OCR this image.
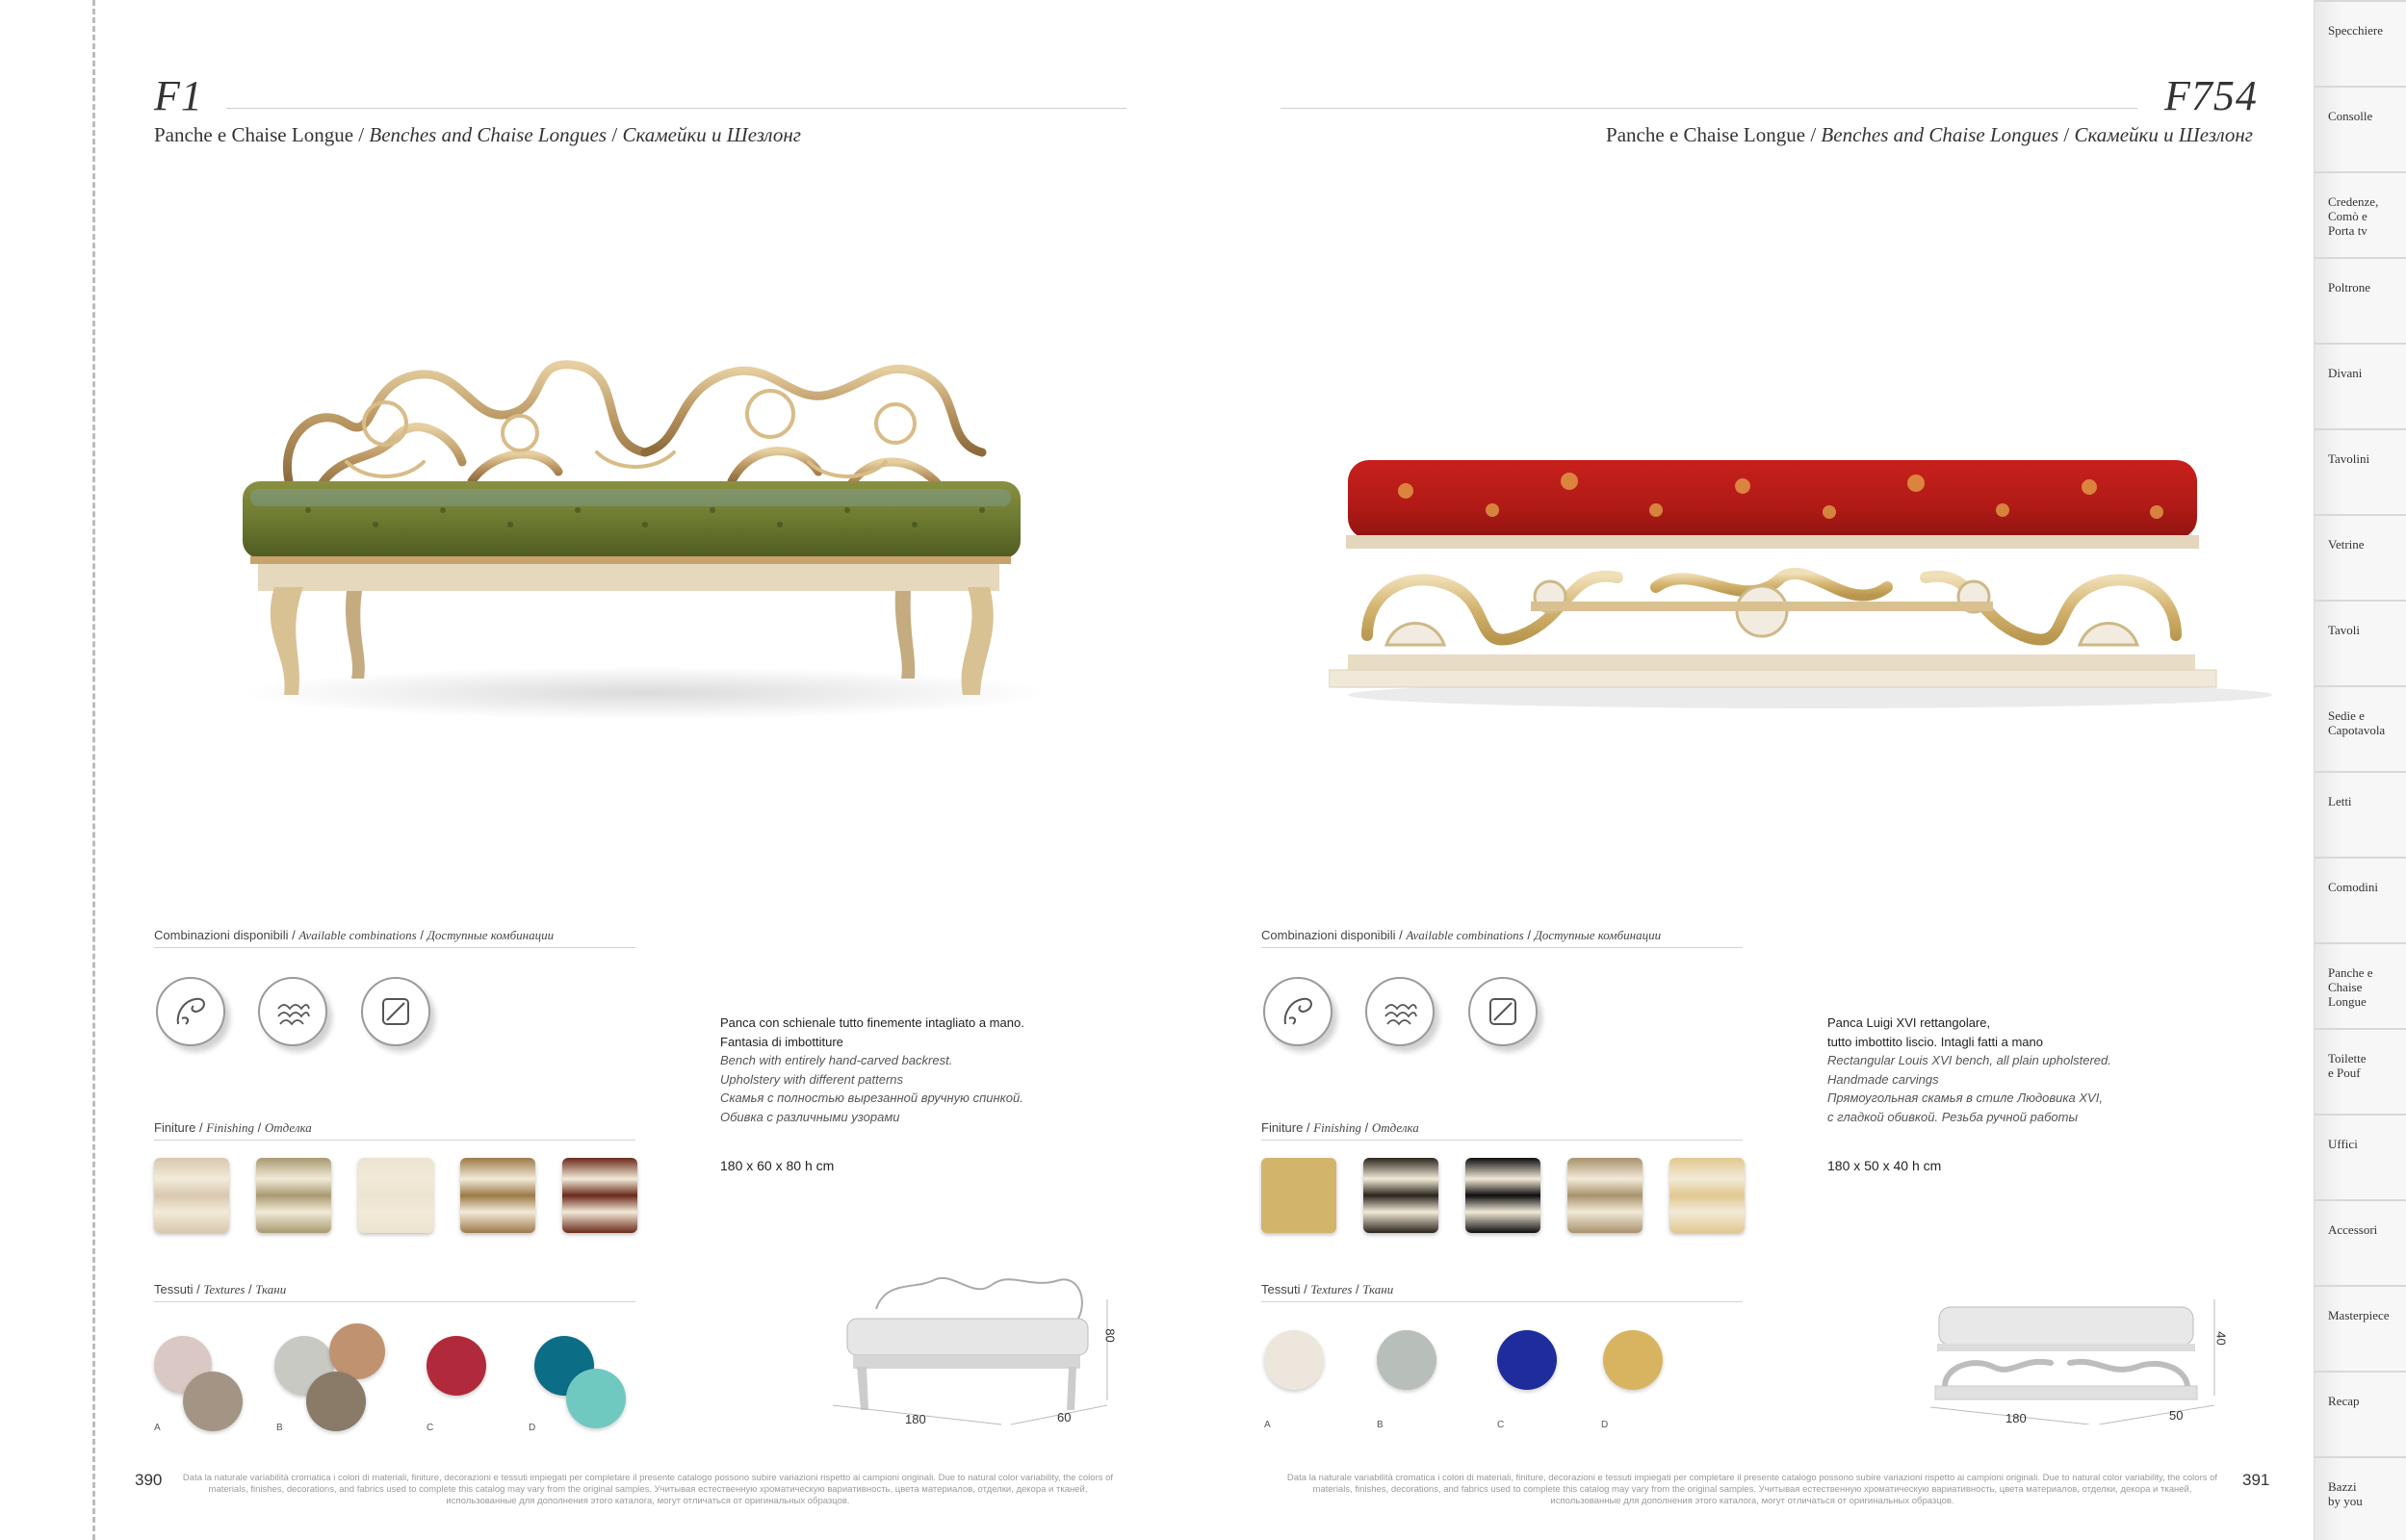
F1
Panche e Chaise Longue / Benches and Chaise Longues / Скамейки и Шезлонг
Combinazioni disponibili / Available combinations / Доступные комбинации
Finiture / Finishing / Отделка
Tessuti / Textures / Ткани
A	B	C	D
Panca con schienale tutto finemente intagliato a mano.
Fantasia di imbottiture
Bench with entirely hand-carved backrest.
Upholstery with different patterns
Скамья с полностью вырезанной вручную спинкой.
Обивка с различными узорами
180 x 60 x 80 h cm
180	60
80
390	Data la naturale variabilità cromatica i colori di materiali, finiture, decorazioni e tessuti impiegati per completare il presente catalogo possono subire variazioni rispetto ai campioni originali. Due to natural color variability, the colors of materials, finishes, decorations, and fabrics used to complete this catalog may vary from the original samples. Учитывая естественную хроматическую вариативность, цвета материалов, отделки, декора и тканей, использованные для дополнения этого каталога, могут отличаться от оригинальных образцов.
F754
Panche e Chaise Longue / Benches and Chaise Longues / Скамейки и Шезлонг
Combinazioni disponibili / Available combinations / Доступные комбинации
Finiture / Finishing / Отделка
Tessuti / Textures / Ткани
A	B	C	D
Panca Luigi XVI rettangolare,
tutto imbottito liscio. Intagli fatti a mano
Rectangular Louis XVI bench, all plain upholstered.
Handmade carvings
Прямоугольная скамья в стиле Людовика XVI,
с гладкой обивкой. Резьба ручной работы
180 x 50 x 40 h cm
180	50
40
Data la naturale variabilità cromatica i colori di materiali, finiture, decorazioni e tessuti impiegati per completare il presente catalogo possono subire variazioni rispetto ai campioni originali. Due to natural color variability, the colors of materials, finishes, decorations, and fabrics used to complete this catalog may vary from the original samples. Учитывая естественную хроматическую вариативность, цвета материалов, отделки, декора и тканей, использованные для дополнения этого каталога, могут отличаться от оригинальных образцов.
391
Specchiere
Consolle
Credenze,
Comò e
Porta tv
Poltrone
Divani
Tavolini
Vetrine
Tavoli
Sedie e
Capotavola
Letti
Comodini
Panche e
Chaise
Longue
Toilette
e Pouf
Uffici
Accessori
Masterpiece
Recap
Bazzi
by you
